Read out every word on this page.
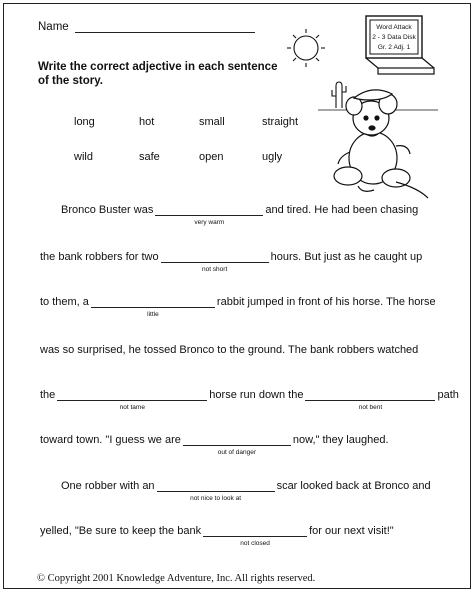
Name	Word Attack
2 - 3 Data Disk
Gr. 2 Adj. 1
Write the correct adjective in each sentence of the story.
long	hot	small	straight
wild	safe	open	ugly
Bronco Buster was
very warm
and tired. He had been chasing
the bank robbers for two
not short
hours. But just as he caught up
to them, a
little
rabbit jumped in front of his horse. The horse
was so surprised, he tossed Bronco to the ground. The bank robbers watched
the
not tame
horse run down the
not bent
path
toward town. "I guess we are
out of danger
now," they laughed.
One robber with an
not nice to look at
scar looked back at Bronco and
yelled, "Be sure to keep the bank
not closed
for our next visit!"
© Copyright 2001 Knowledge Adventure, Inc. All rights reserved.
